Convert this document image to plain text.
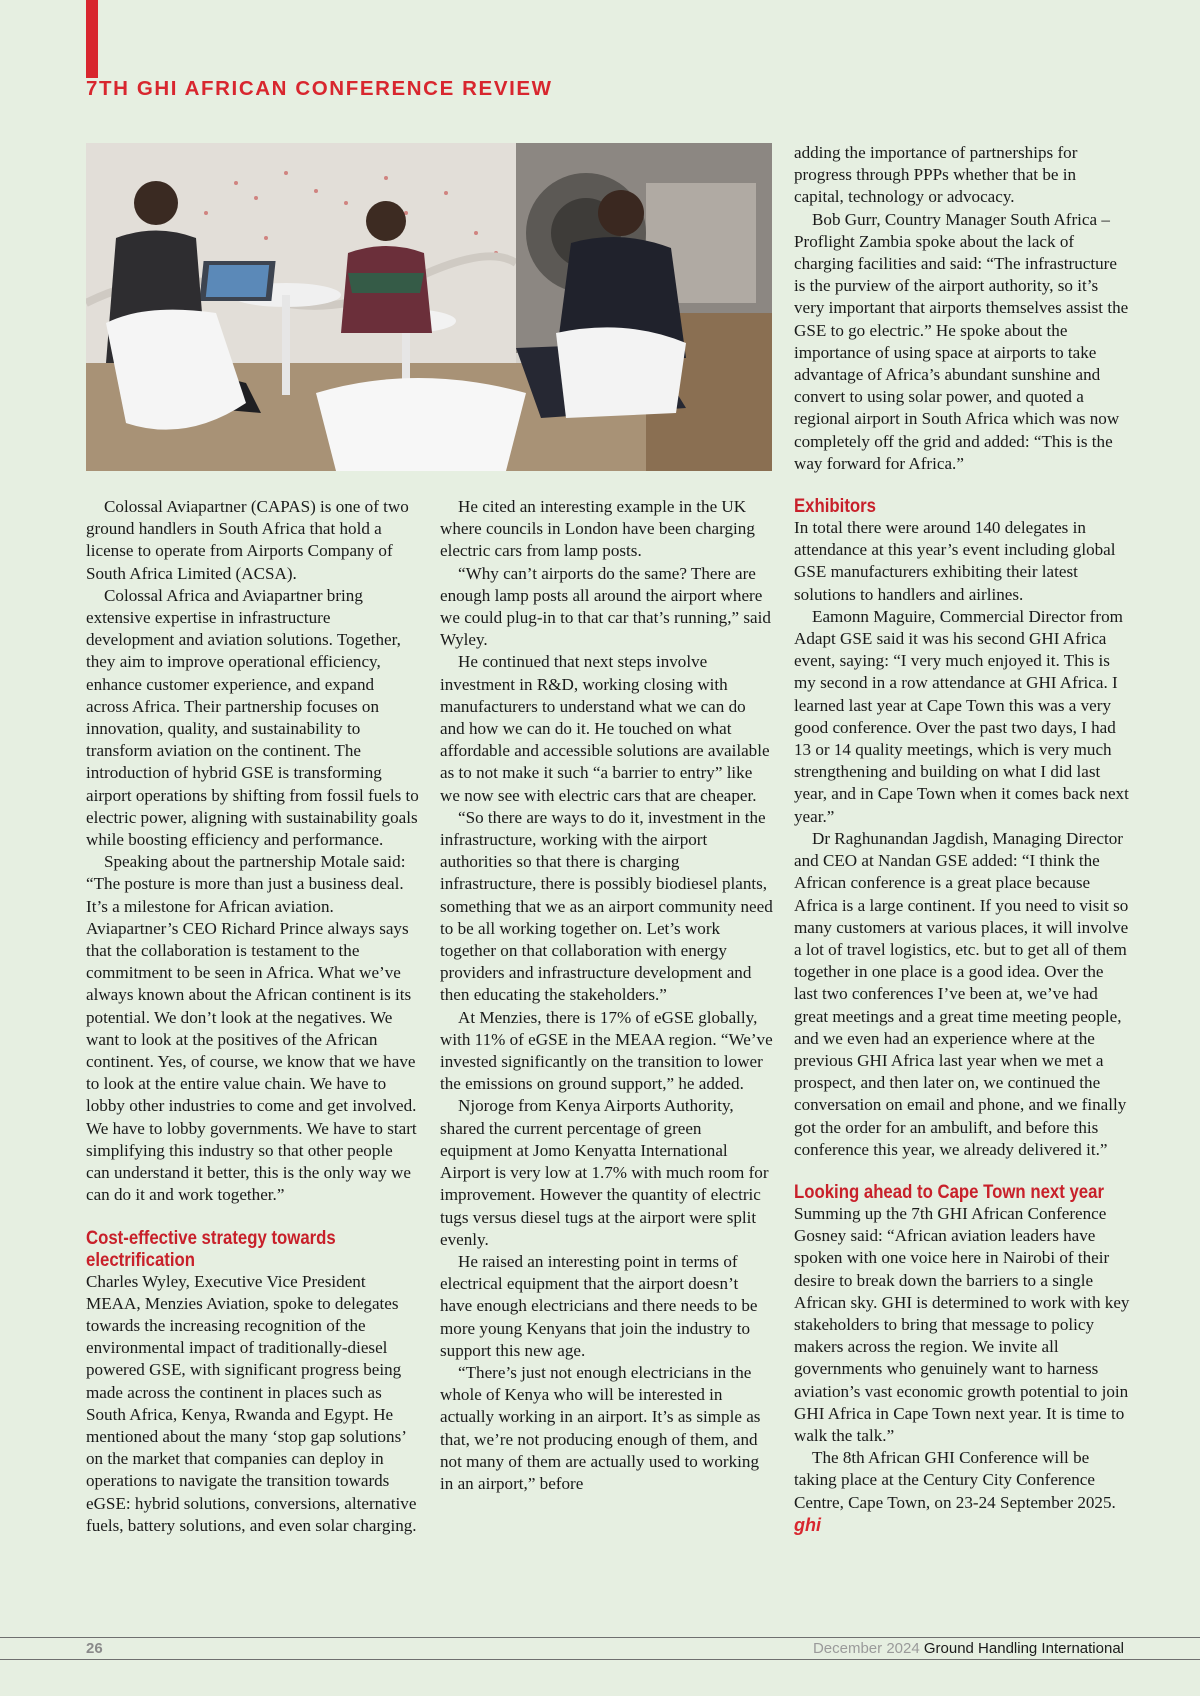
7TH GHI AFRICAN CONFERENCE REVIEW

Colossal Aviapartner (CAPAS) is one of two ground handlers in South Africa that hold a license to operate from Airports Company of South Africa Limited (ACSA).

Colossal Africa and Aviapartner bring extensive expertise in infrastructure development and aviation solutions. Together, they aim to improve operational efficiency, enhance customer experience, and expand across Africa. Their partnership focuses on innovation, quality, and sustainability to transform aviation on the continent. The introduction of hybrid GSE is transforming airport operations by shifting from fossil fuels to electric power, aligning with sustainability goals while boosting efficiency and performance.

Speaking about the partnership Motale said: “The posture is more than just a business deal. It’s a milestone for African aviation. Aviapartner’s CEO Richard Prince always says that the collaboration is testament to the commitment to be seen in Africa. What we’ve always known about the African continent is its potential. We don’t look at the negatives. We want to look at the positives of the African continent. Yes, of course, we know that we have to look at the entire value chain. We have to lobby other industries to come and get involved. We have to lobby governments. We have to start simplifying this industry so that other people can understand it better, this is the only way we can do it and work together.”

Cost-effective strategy towards electrification

Charles Wyley, Executive Vice President MEAA, Menzies Aviation, spoke to delegates towards the increasing recognition of the environmental impact of traditionally-diesel powered GSE, with significant progress being made across the continent in places such as South Africa, Kenya, Rwanda and Egypt. He mentioned about the many ‘stop gap solutions’ on the market that companies can deploy in operations to navigate the transition towards eGSE: hybrid solutions, conversions, alternative fuels, battery solutions, and even solar charging.

He cited an interesting example in the UK where councils in London have been charging electric cars from lamp posts.

“Why can’t airports do the same? There are enough lamp posts all around the airport where we could plug-in to that car that’s running,” said Wyley.

He continued that next steps involve investment in R&D, working closing with manufacturers to understand what we can do and how we can do it. He touched on what affordable and accessible solutions are available as to not make it such “a barrier to entry” like we now see with electric cars that are cheaper.

“So there are ways to do it, investment in the infrastructure, working with the airport authorities so that there is charging infrastructure, there is possibly biodiesel plants, something that we as an airport community need to be all working together on. Let’s work together on that collaboration with energy providers and infrastructure development and then educating the stakeholders.”

At Menzies, there is 17% of eGSE globally, with 11% of eGSE in the MEAA region. “We’ve invested significantly on the transition to lower the emissions on ground support,” he added.

Njoroge from Kenya Airports Authority, shared the current percentage of green equipment at Jomo Kenyatta International Airport is very low at 1.7% with much room for improvement. However the quantity of electric tugs versus diesel tugs at the airport were split evenly.

He raised an interesting point in terms of electrical equipment that the airport doesn’t have enough electricians and there needs to be more young Kenyans that join the industry to support this new age.

“There’s just not enough electricians in the whole of Kenya who will be interested in actually working in an airport. It’s as simple as that, we’re not producing enough of them, and not many of them are actually used to working in an airport,” before

adding the importance of partnerships for progress through PPPs whether that be in capital, technology or advocacy.

Bob Gurr, Country Manager South Africa – Proflight Zambia spoke about the lack of charging facilities and said: “The infrastructure is the purview of the airport authority, so it’s very important that airports themselves assist the GSE to go electric.” He spoke about the importance of using space at airports to take advantage of Africa’s abundant sunshine and convert to using solar power, and quoted a regional airport in South Africa which was now completely off the grid and added: “This is the way forward for Africa.”

Exhibitors

In total there were around 140 delegates in attendance at this year’s event including global GSE manufacturers exhibiting their latest solutions to handlers and airlines.

Eamonn Maguire, Commercial Director from Adapt GSE said it was his second GHI Africa event, saying: “I very much enjoyed it. This is my second in a row attendance at GHI Africa. I learned last year at Cape Town this was a very good conference. Over the past two days, I had 13 or 14 quality meetings, which is very much strengthening and building on what I did last year, and in Cape Town when it comes back next year.”

Dr Raghunandan Jagdish, Managing Director and CEO at Nandan GSE added: “I think the African conference is a great place because Africa is a large continent. If you need to visit so many customers at various places, it will involve a lot of travel logistics, etc. but to get all of them together in one place is a good idea. Over the last two conferences I’ve been at, we’ve had great meetings and a great time meeting people, and we even had an experience where at the previous GHI Africa last year when we met a prospect, and then later on, we continued the conversation on email and phone, and we finally got the order for an ambulift, and before this conference this year, we already delivered it.”

Looking ahead to Cape Town next year

Summing up the 7th GHI African Conference Gosney said: “African aviation leaders have spoken with one voice here in Nairobi of their desire to break down the barriers to a single African sky. GHI is determined to work with key stakeholders to bring that message to policy makers across the region. We invite all governments who genuinely want to harness aviation’s vast economic growth potential to join GHI Africa in Cape Town next year. It is time to walk the talk.”

The 8th African GHI Conference will be taking place at the Century City Conference Centre, Cape Town, on 23-24 September 2025. ghi

26	December 2024 Ground Handling International
